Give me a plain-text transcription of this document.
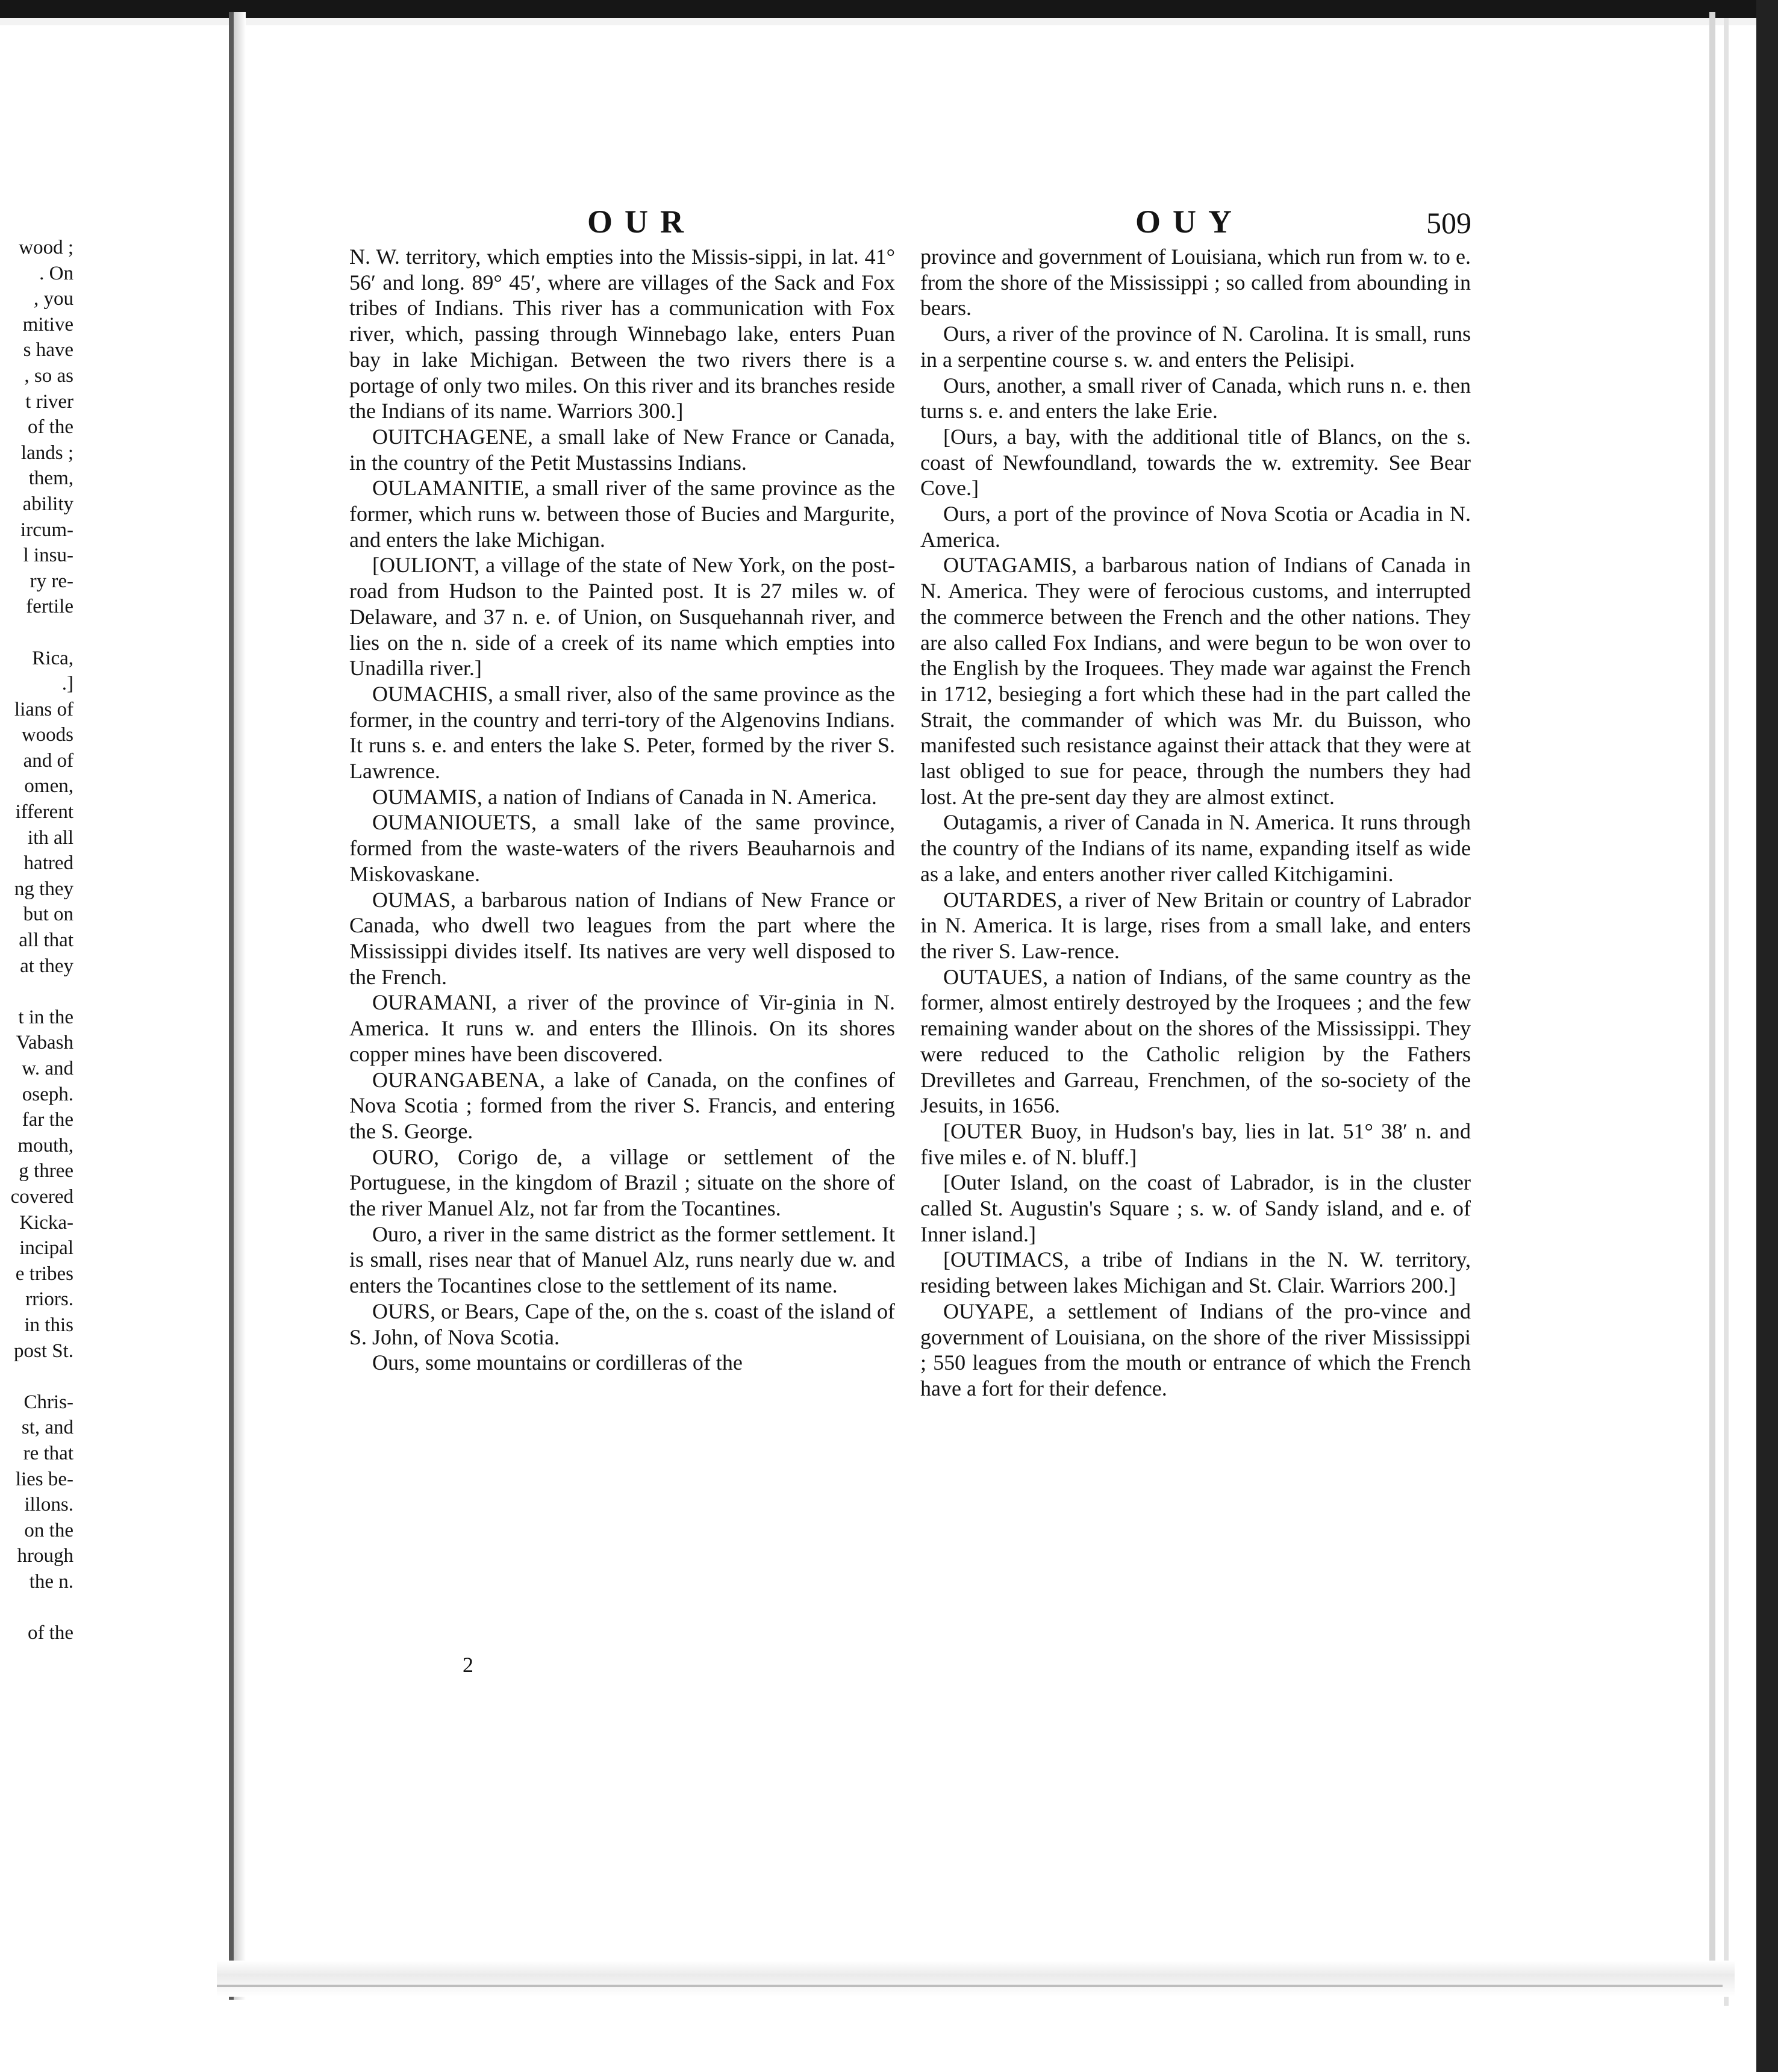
wood ;
. On
, you
mitive
s have
, so as
t river
of the
lands ;
them,
ability
ircum-
l insu-
ry re-
fertile
Rica,
.]
lians of
woods
and of
omen,
ifferent
ith all
hatred
ng they
but on
all that
at they
t in the
Vabash
w. and
oseph.
far the
mouth,
g three
covered
Kicka-
incipal
e tribes
rriors.
in this
post St.
Chris-
st, and
re that
lies be-
illons.
on the
hrough
the n.
of the
OUR	OUY	509

N. W. territory, which empties into the Missis-sippi, in lat. 41° 56′ and long. 89° 45′, where are villages of the Sack and Fox tribes of Indians. This river has a communication with Fox river, which, passing through Winnebago lake, enters Puan bay in lake Michigan. Between the two rivers there is a portage of only two miles. On this river and its branches reside the Indians of its name. Warriors 300.]

OUITCHAGENE, a small lake of New France or Canada, in the country of the Petit Mustassins Indians.

OULAMANITIE, a small river of the same province as the former, which runs w. between those of Bucies and Margurite, and enters the lake Michigan.

[OULIONT, a village of the state of New York, on the post-road from Hudson to the Painted post. It is 27 miles w. of Delaware, and 37 n. e. of Union, on Susquehannah river, and lies on the n. side of a creek of its name which empties into Unadilla river.]

OUMACHIS, a small river, also of the same province as the former, in the country and terri-tory of the Algenovins Indians. It runs s. e. and enters the lake S. Peter, formed by the river S. Lawrence.

OUMAMIS, a nation of Indians of Canada in N. America.

OUMANIOUETS, a small lake of the same province, formed from the waste-waters of the rivers Beauharnois and Miskovaskane.

OUMAS, a barbarous nation of Indians of New France or Canada, who dwell two leagues from the part where the Mississippi divides itself. Its natives are very well disposed to the French.

OURAMANI, a river of the province of Vir-ginia in N. America. It runs w. and enters the Illinois. On its shores copper mines have been discovered.

OURANGABENA, a lake of Canada, on the confines of Nova Scotia ; formed from the river S. Francis, and entering the S. George.

OURO, Corigo de, a village or settlement of the Portuguese, in the kingdom of Brazil ; situate on the shore of the river Manuel Alz, not far from the Tocantines.

Ouro, a river in the same district as the former settlement. It is small, rises near that of Manuel Alz, runs nearly due w. and enters the Tocantines close to the settlement of its name.

OURS, or Bears, Cape of the, on the s. coast of the island of S. John, of Nova Scotia.

Ours, some mountains or cordilleras of the

2

province and government of Louisiana, which run from w. to e. from the shore of the Mississippi ; so called from abounding in bears.

Ours, a river of the province of N. Carolina. It is small, runs in a serpentine course s. w. and enters the Pelisipi.

Ours, another, a small river of Canada, which runs n. e. then turns s. e. and enters the lake Erie.

[Ours, a bay, with the additional title of Blancs, on the s. coast of Newfoundland, towards the w. extremity. See Bear Cove.]

Ours, a port of the province of Nova Scotia or Acadia in N. America.

OUTAGAMIS, a barbarous nation of Indians of Canada in N. America. They were of ferocious customs, and interrupted the commerce between the French and the other nations. They are also called Fox Indians, and were begun to be won over to the English by the Iroquees. They made war against the French in 1712, besieging a fort which these had in the part called the Strait, the commander of which was Mr. du Buisson, who manifested such resistance against their attack that they were at last obliged to sue for peace, through the numbers they had lost. At the pre-sent day they are almost extinct.

Outagamis, a river of Canada in N. America. It runs through the country of the Indians of its name, expanding itself as wide as a lake, and enters another river called Kitchigamini.

OUTARDES, a river of New Britain or country of Labrador in N. America. It is large, rises from a small lake, and enters the river S. Law-rence.

OUTAUES, a nation of Indians, of the same country as the former, almost entirely destroyed by the Iroquees ; and the few remaining wander about on the shores of the Mississippi. They were reduced to the Catholic religion by the Fathers Drevilletes and Garreau, Frenchmen, of the so-society of the Jesuits, in 1656.

[OUTER Buoy, in Hudson's bay, lies in lat. 51° 38′ n. and five miles e. of N. bluff.]

[Outer Island, on the coast of Labrador, is in the cluster called St. Augustin's Square ; s. w. of Sandy island, and e. of Inner island.]

[OUTIMACS, a tribe of Indians in the N. W. territory, residing between lakes Michigan and St. Clair. Warriors 200.]

OUYAPE, a settlement of Indians of the pro-vince and government of Louisiana, on the shore of the river Mississippi ; 550 leagues from the mouth or entrance of which the French have a fort for their defence.
